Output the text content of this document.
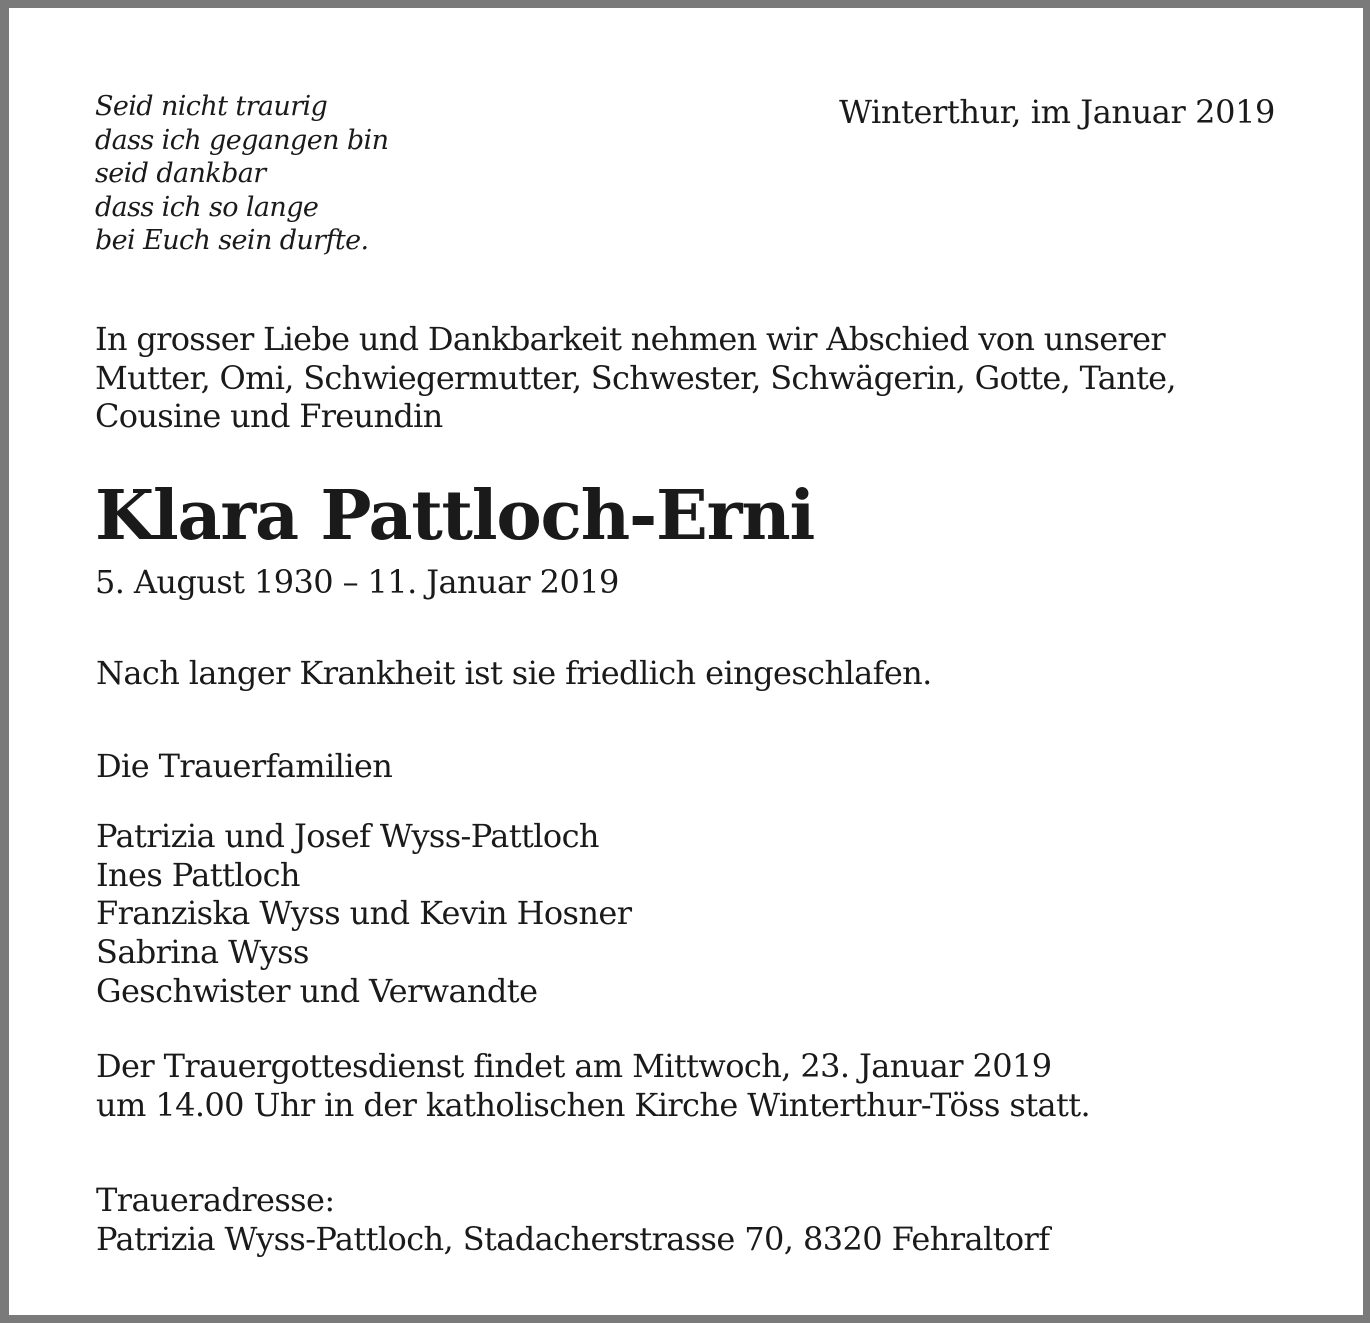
Seid nicht traurig
dass ich gegangen bin
seid dankbar
dass ich so lange
bei Euch sein durfte.
Winterthur, im Januar 2019
In grosser Liebe und Dankbarkeit nehmen wir Abschied von unserer
Mutter, Omi, Schwiegermutter, Schwester, Schwägerin, Gotte, Tante,
Cousine und Freundin
Klara Pattloch-Erni
5. August 1930 – 11. Januar 2019
Nach langer Krankheit ist sie friedlich eingeschlafen.
Die Trauerfamilien
Patrizia und Josef Wyss-Pattloch
Ines Pattloch
Franziska Wyss und Kevin Hosner
Sabrina Wyss
Geschwister und Verwandte
Der Trauergottesdienst findet am Mittwoch, 23. Januar 2019
um 14.00 Uhr in der katholischen Kirche Winterthur-Töss statt.
Traueradresse:
Patrizia Wyss-Pattloch, Stadacherstrasse 70, 8320 Fehraltorf
